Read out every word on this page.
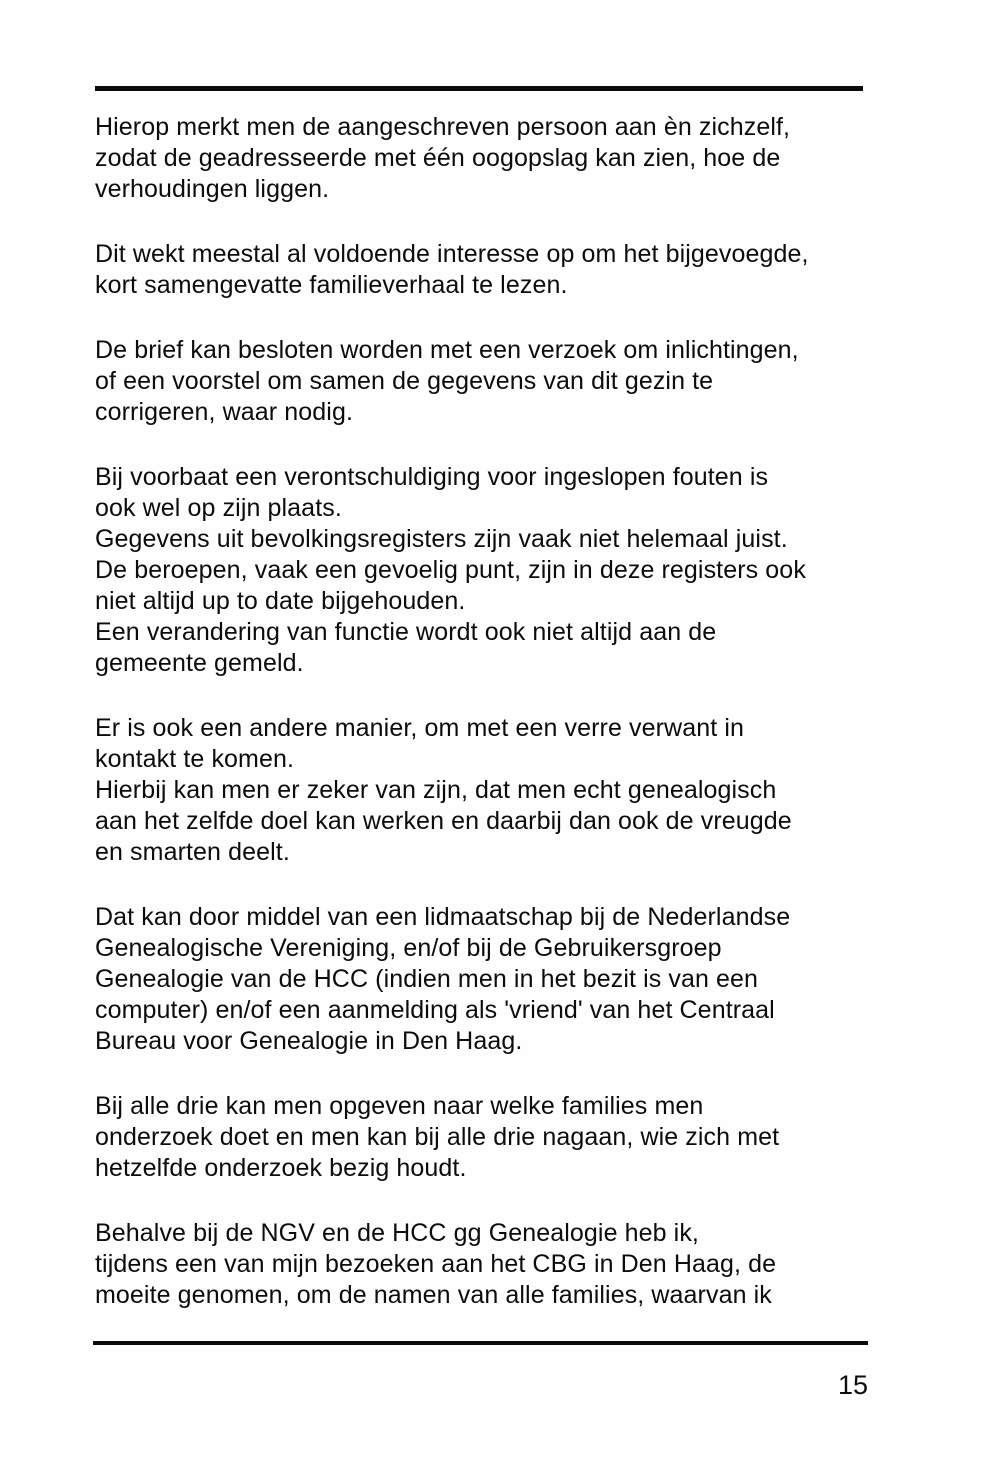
Hierop merkt men de aangeschreven persoon aan èn zichzelf,
zodat de geadresseerde met één oogopslag kan zien, hoe de
verhoudingen liggen.
Dit wekt meestal al voldoende interesse op om het bijgevoegde,
kort samengevatte familieverhaal te lezen.
De brief kan besloten worden met een verzoek om inlichtingen,
of een voorstel om samen de gegevens van dit gezin te
corrigeren, waar nodig.
Bij voorbaat een verontschuldiging voor ingeslopen fouten is
ook wel op zijn plaats.
Gegevens uit bevolkingsregisters zijn vaak niet helemaal juist.
De beroepen, vaak een gevoelig punt, zijn in deze registers ook
niet altijd up to date bijgehouden.
Een verandering van functie wordt ook niet altijd aan de
gemeente gemeld.
Er is ook een andere manier, om met een verre verwant in
kontakt te komen.
Hierbij kan men er zeker van zijn, dat men echt genealogisch
aan het zelfde doel kan werken en daarbij dan ook de vreugde
en smarten deelt.
Dat kan door middel van een lidmaatschap bij de Nederlandse
Genealogische Vereniging, en/of bij de Gebruikersgroep
Genealogie van de HCC (indien men in het bezit is van een
computer) en/of een aanmelding als 'vriend' van het Centraal
Bureau voor Genealogie in Den Haag.
Bij alle drie kan men opgeven naar welke families men
onderzoek doet en men kan bij alle drie nagaan, wie zich met
hetzelfde onderzoek bezig houdt.
Behalve bij de NGV en de HCC gg Genealogie heb ik,
tijdens een van mijn bezoeken aan het CBG in Den Haag, de
moeite genomen, om de namen van alle families, waarvan ik
15
